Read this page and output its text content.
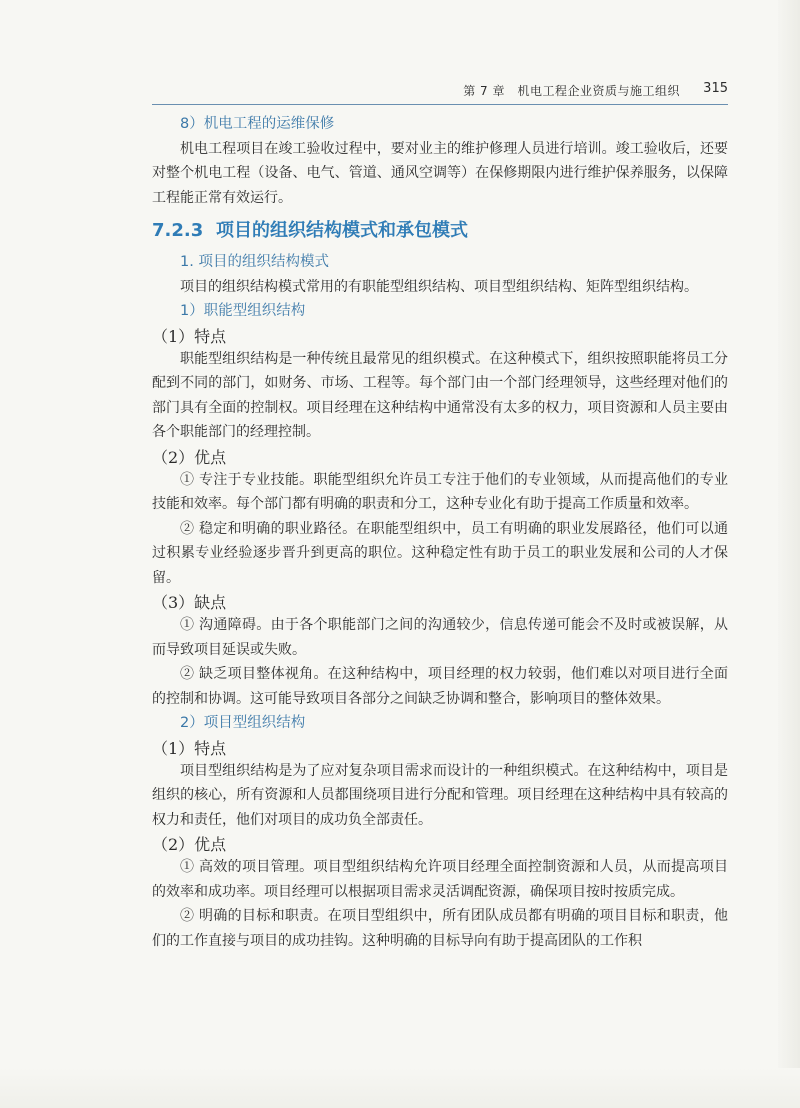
第 7 章　机电工程企业资质与施工组织 315
8）机电工程的运维保修

机电工程项目在竣工验收过程中，要对业主的维护修理人员进行培训。竣工验收后，还要对整个机电工程（设备、电气、管道、通风空调等）在保修期限内进行维护保养服务，以保障工程能正常有效运行。

7.2.3 项目的组织结构模式和承包模式
1. 项目的组织结构模式

项目的组织结构模式常用的有职能型组织结构、项目型组织结构、矩阵型组织结构。

1）职能型组织结构
（1）特点

职能型组织结构是一种传统且最常见的组织模式。在这种模式下，组织按照职能将员工分配到不同的部门，如财务、市场、工程等。每个部门由一个部门经理领导，这些经理对他们的部门具有全面的控制权。项目经理在这种结构中通常没有太多的权力，项目资源和人员主要由各个职能部门的经理控制。

（2）优点

① 专注于专业技能。职能型组织允许员工专注于他们的专业领域，从而提高他们的专业技能和效率。每个部门都有明确的职责和分工，这种专业化有助于提高工作质量和效率。

② 稳定和明确的职业路径。在职能型组织中，员工有明确的职业发展路径，他们可以通过积累专业经验逐步晋升到更高的职位。这种稳定性有助于员工的职业发展和公司的人才保留。

（3）缺点

① 沟通障碍。由于各个职能部门之间的沟通较少，信息传递可能会不及时或被误解，从而导致项目延误或失败。

② 缺乏项目整体视角。在这种结构中，项目经理的权力较弱，他们难以对项目进行全面的控制和协调。这可能导致项目各部分之间缺乏协调和整合，影响项目的整体效果。

2）项目型组织结构
（1）特点

项目型组织结构是为了应对复杂项目需求而设计的一种组织模式。在这种结构中，项目是组织的核心，所有资源和人员都围绕项目进行分配和管理。项目经理在这种结构中具有较高的权力和责任，他们对项目的成功负全部责任。

（2）优点

① 高效的项目管理。项目型组织结构允许项目经理全面控制资源和人员，从而提高项目的效率和成功率。项目经理可以根据项目需求灵活调配资源，确保项目按时按质完成。

② 明确的目标和职责。在项目型组织中，所有团队成员都有明确的项目目标和职责，他们的工作直接与项目的成功挂钩。这种明确的目标导向有助于提高团队的工作积
